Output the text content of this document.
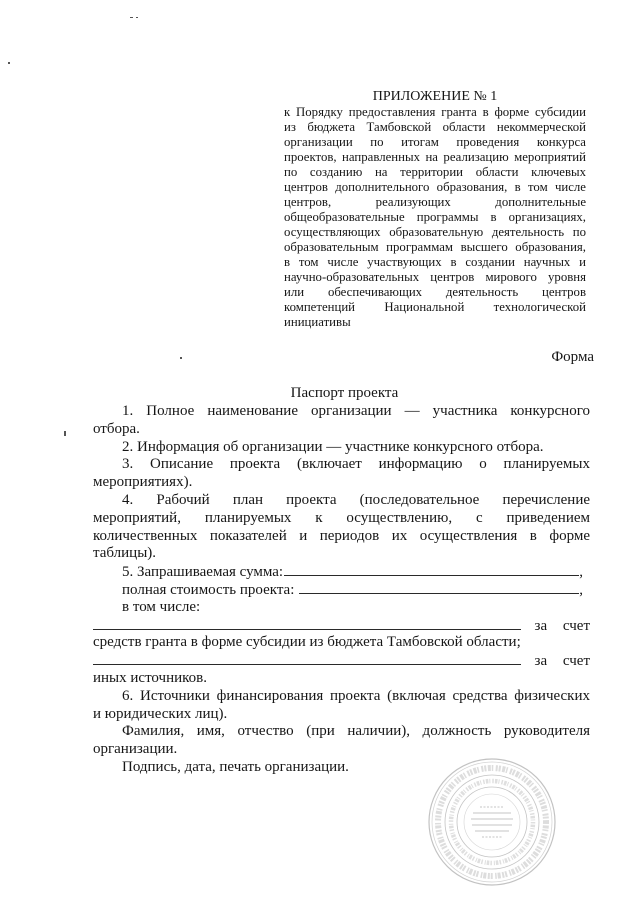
ПРИЛОЖЕНИЕ № 1
к Порядку предоставления гранта в форме субсидии
из бюджета Тамбовской области некоммерческой
организации по итогам проведения конкурса
проектов, направленных на реализацию мероприятий
по созданию на территории области ключевых
центров дополнительного образования, в том числе
центров, реализующих дополнительные
общеобразовательные программы в организациях,
осуществляющих образовательную деятельность по
образовательным программам высшего образования,
в том числе участвующих в создании научных и
научно-образовательных центров мирового уровня
или обеспечивающих деятельность центров
компетенций Национальной технологической
инициативы
Форма
Паспорт проекта
1. Полное наименование организации — участника конкурсного
отбора.
2. Информация об организации — участнике конкурсного отбора.
3. Описание проекта (включает информацию о планируемых
мероприятиях).
4. Рабочий план проекта (последовательное перечисление
мероприятий, планируемых к осуществлению, с приведением
количественных показателей и периодов их осуществления в форме
таблицы).
5. Запрашиваемая сумма:	,
полная стоимость проекта:	,
в том числе:
за счет
средств гранта в форме субсидии из бюджета Тамбовской области;
за счет
иных источников.
6. Источники финансирования проекта (включая средства физических
и юридических лиц).
Фамилия, имя, отчество (при наличии), должность руководителя
организации.
Подпись, дата, печать организации.
